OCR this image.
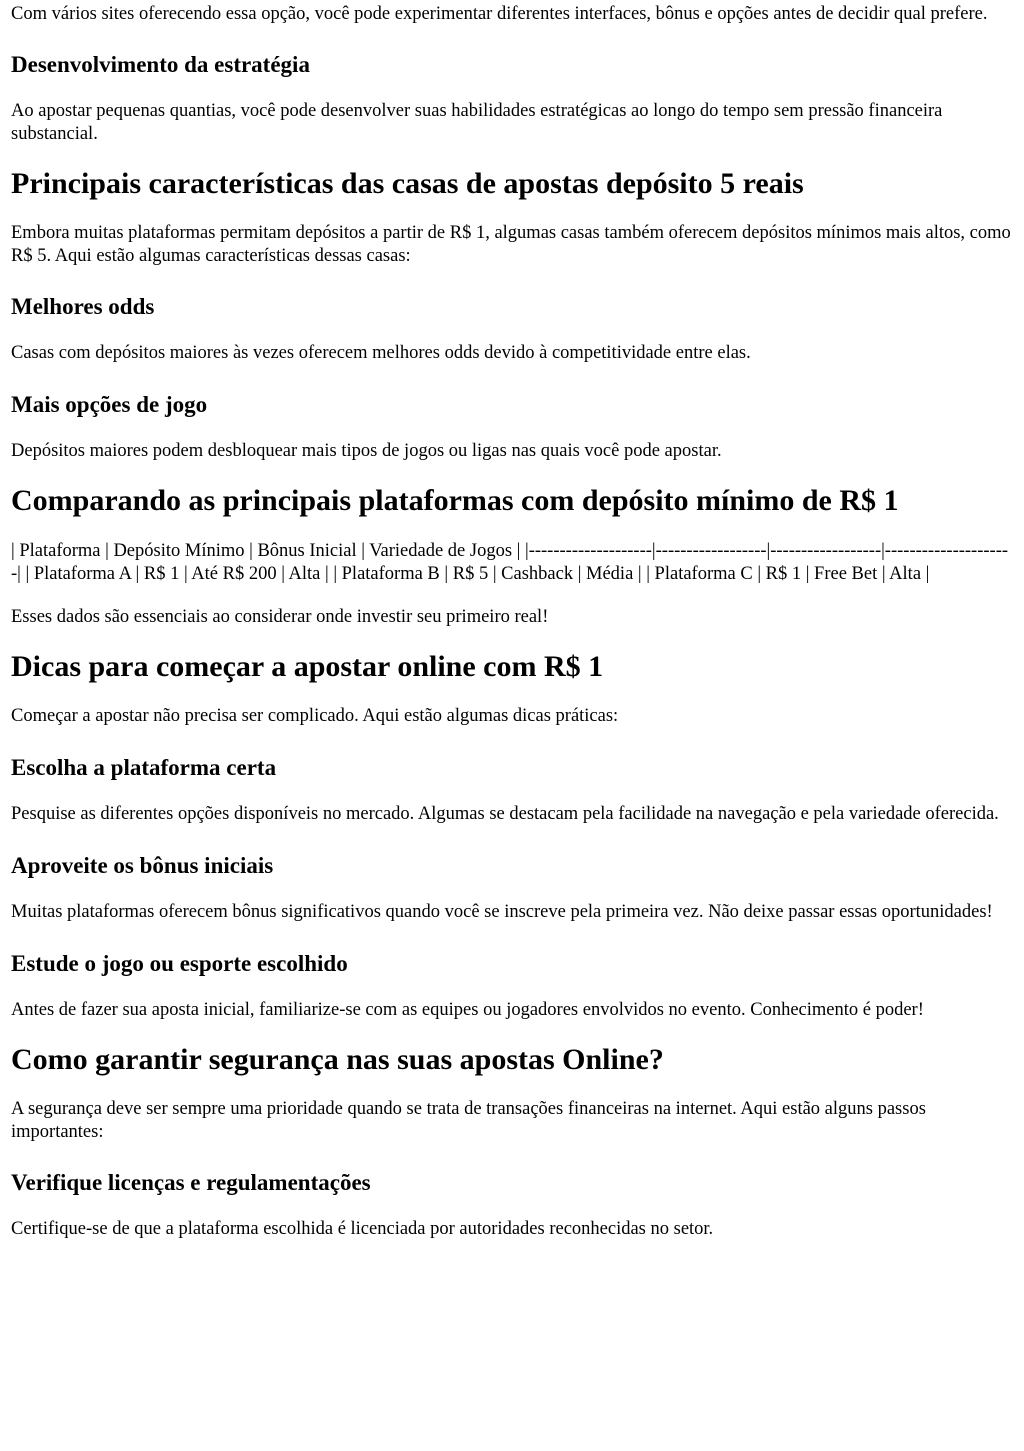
Com vários sites oferecendo essa opção, você pode experimentar diferentes interfaces, bônus e opções antes de decidir qual prefere.

Desenvolvimento da estratégia

Ao apostar pequenas quantias, você pode desenvolver suas habilidades estratégicas ao longo do tempo sem pressão financeira substancial.

Principais características das casas de apostas depósito 5 reais

Embora muitas plataformas permitam depósitos a partir de R$ 1, algumas casas também oferecem depósitos mínimos mais altos, como R$ 5. Aqui estão algumas características dessas casas:

Melhores odds

Casas com depósitos maiores às vezes oferecem melhores odds devido à competitividade entre elas.

Mais opções de jogo

Depósitos maiores podem desbloquear mais tipos de jogos ou ligas nas quais você pode apostar.

Comparando as principais plataformas com depósito mínimo de R$ 1

| Plataforma | Depósito Mínimo | Bônus Inicial | Variedade de Jogos | |--------------------|------------------|------------------|---------------------| | Plataforma A | R$ 1 | Até R$ 200 | Alta | | Plataforma B | R$ 5 | Cashback | Média | | Plataforma C | R$ 1 | Free Bet | Alta |

Esses dados são essenciais ao considerar onde investir seu primeiro real!

Dicas para começar a apostar online com R$ 1

Começar a apostar não precisa ser complicado. Aqui estão algumas dicas práticas:

Escolha a plataforma certa

Pesquise as diferentes opções disponíveis no mercado. Algumas se destacam pela facilidade na navegação e pela variedade oferecida.

Aproveite os bônus iniciais

Muitas plataformas oferecem bônus significativos quando você se inscreve pela primeira vez. Não deixe passar essas oportunidades!

Estude o jogo ou esporte escolhido

Antes de fazer sua aposta inicial, familiarize-se com as equipes ou jogadores envolvidos no evento. Conhecimento é poder!

Como garantir segurança nas suas apostas Online?

A segurança deve ser sempre uma prioridade quando se trata de transações financeiras na internet. Aqui estão alguns passos importantes:

Verifique licenças e regulamentações

Certifique-se de que a plataforma escolhida é licenciada por autoridades reconhecidas no setor.
